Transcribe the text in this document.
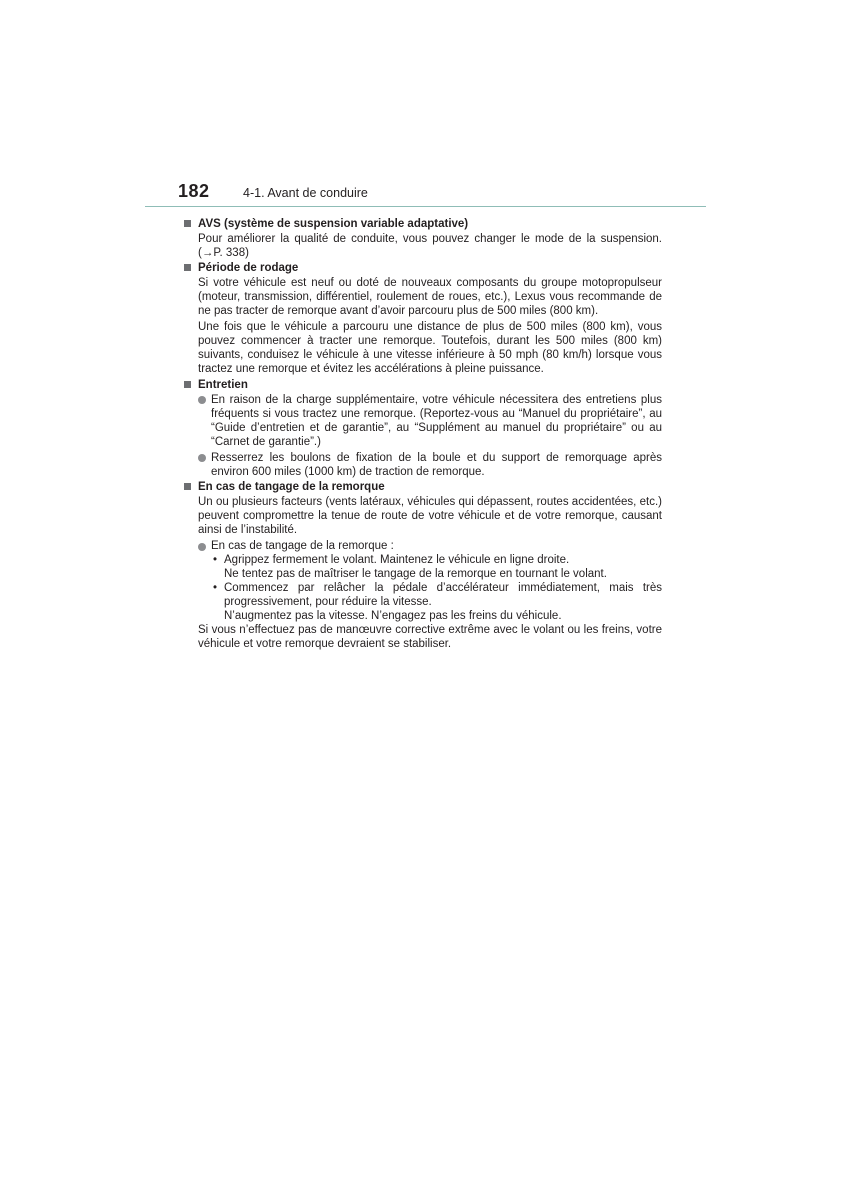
182	4-1. Avant de conduire
AVS (système de suspension variable adaptative)
Pour améliorer la qualité de conduite, vous pouvez changer le mode de la suspension. (→P. 338)
Période de rodage
Si votre véhicule est neuf ou doté de nouveaux composants du groupe motopropulseur (moteur, transmission, différentiel, roulement de roues, etc.), Lexus vous recommande de ne pas tracter de remorque avant d’avoir parcouru plus de 500 miles (800 km).
Une fois que le véhicule a parcouru une distance de plus de 500 miles (800 km), vous pouvez commencer à tracter une remorque. Toutefois, durant les 500 miles (800 km) suivants, conduisez le véhicule à une vitesse inférieure à 50 mph (80 km/h) lorsque vous tractez une remorque et évitez les accélérations à pleine puissance.
Entretien
En raison de la charge supplémentaire, votre véhicule nécessitera des entretiens plus fréquents si vous tractez une remorque. (Reportez-vous au “Manuel du propriétaire”, au “Guide d’entretien et de garantie”, au “Supplément au manuel du propriétaire” ou au “Carnet de garantie”.)
Resserrez les boulons de fixation de la boule et du support de remorquage après environ 600 miles (1000 km) de traction de remorque.
En cas de tangage de la remorque
Un ou plusieurs facteurs (vents latéraux, véhicules qui dépassent, routes accidentées, etc.) peuvent compromettre la tenue de route de votre véhicule et de votre remorque, causant ainsi de l’instabilité.
En cas de tangage de la remorque :
• Agrippez fermement le volant. Maintenez le véhicule en ligne droite.
Ne tentez pas de maîtriser le tangage de la remorque en tournant le volant.
• Commencez par relâcher la pédale d’accélérateur immédiatement, mais très progressivement, pour réduire la vitesse.
N’augmentez pas la vitesse. N’engagez pas les freins du véhicule.
Si vous n’effectuez pas de manœuvre corrective extrême avec le volant ou les freins, votre véhicule et votre remorque devraient se stabiliser.
